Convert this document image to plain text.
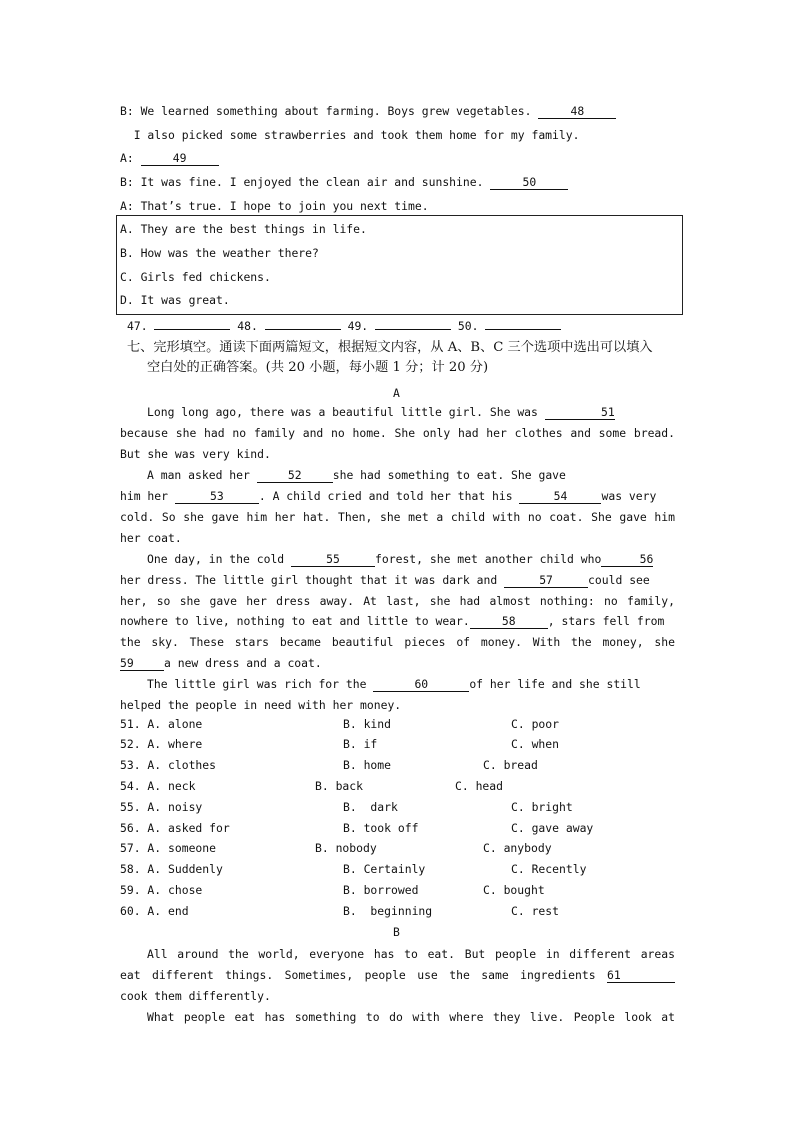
B: We learned something about farming. Boys grew vegetables.	48
I also picked some strawberries and took them home for my family.
A:	49
B: It was fine. I enjoyed the clean air and sunshine.	50
A: That’s true. I hope to join you next time.
A. They are the best things in life.
B. How was the weather there?
C. Girls fed chickens.
D. It was great.
47.	48.	49.	50.
七、完形填空。通读下面两篇短文，根据短文内容，从 A、B、C 三个选项中选出可以填入
空白处的正确答案。(共 20 小题，每小题 1 分；计 20 分)
A
Long long ago, there was a beautiful little girl. She was	51
because she had no family and no home. She only had her clothes and some bread.
But she was very kind.
A man asked her	52	she had something to eat. She gave
him her	53	. A child cried and told her that his	54	was very
cold. So she gave him her hat. Then, she met a child with no coat. She gave him
her coat.
One day, in the cold	55	forest, she met another child who	56
her dress. The little girl thought that it was dark and	57	could see
her, so she gave her dress away. At last, she had almost nothing: no family,
nowhere to live, nothing to eat and little to wear.	58	, stars fell from
the sky. These stars became beautiful pieces of money. With the money, she
59	a new dress and a coat.
The little girl was rich for the	60	of her life and she still
helped the people in need with her money.
51. A. alone	B. kind	C. poor
52. A. where	B. if	C. when
53. A. clothes	B. home	C. bread
54. A. neck	B. back	C. head
55. A. noisy	B.  dark	C. bright
56. A. asked for	B. took off	C. gave away
57. A. someone	B. nobody	C. anybody
58. A. Suddenly	B. Certainly	C. Recently
59. A. chose	B. borrowed	C. bought
60. A. end	B.  beginning	C. rest
B
All around the world, everyone has to eat. But people in different areas
eat different things. Sometimes, people use the same ingredients 61
cook them differently.
What people eat has something to do with where they live. People look at
